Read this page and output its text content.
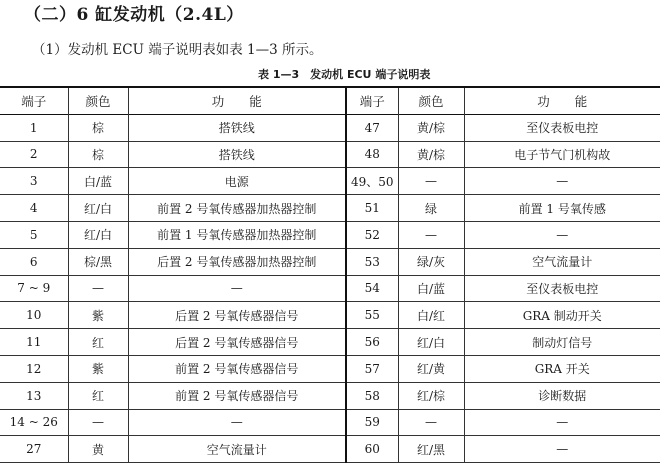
（二）6 缸发动机（2.4L）
（1）发动机 ECU 端子说明表如表 1—3 所示。
表 1—3　发动机 ECU 端子说明表
端子	颜色	功　　能	端子	颜色	功　　能
1	棕	搭铁线	47	黄/棕	至仪表板电控
2	棕	搭铁线	48	黄/棕	电子节气门机构故
3	白/蓝	电源	49、50	—	—
4	红/白	前置 2 号氧传感器加热器控制	51	绿	前置 1 号氧传感
5	红/白	前置 1 号氧传感器加热器控制	52	—	—
6	棕/黑	后置 2 号氧传感器加热器控制	53	绿/灰	空气流量计
7 ~ 9	—	—	54	白/蓝	至仪表板电控
10	紫	后置 2 号氧传感器信号	55	白/红	GRA 制动开关
11	红	后置 2 号氧传感器信号	56	红/白	制动灯信号
12	紫	前置 2 号氧传感器信号	57	红/黄	GRA 开关
13	红	前置 2 号氧传感器信号	58	红/棕	诊断数据
14 ~ 26	—	—	59	—	—
27	黄	空气流量计	60	红/黑	—
